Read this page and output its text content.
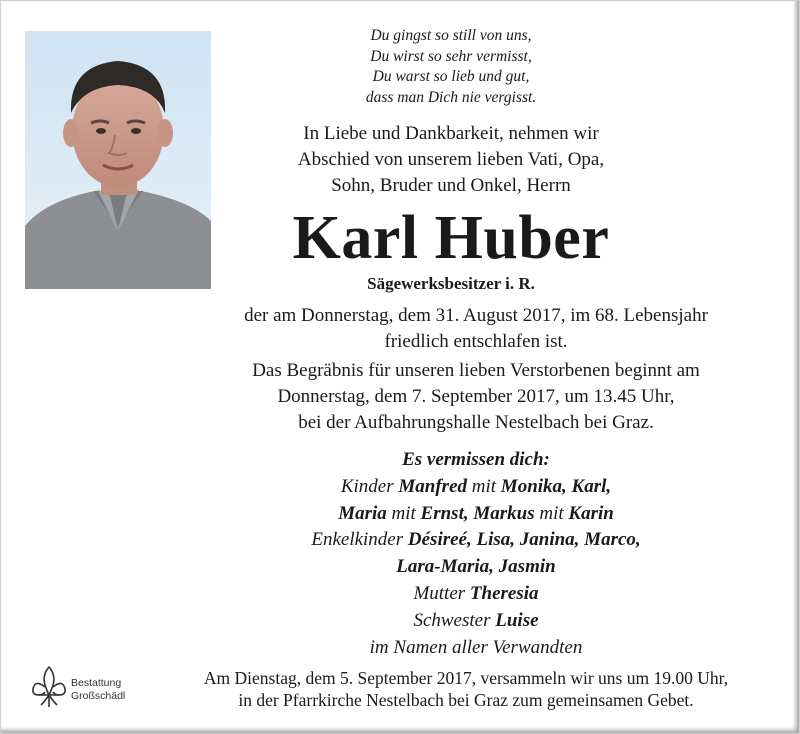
Du gingst so still von uns,
Du wirst so sehr vermisst,
Du warst so lieb und gut,
dass man Dich nie vergisst.
In Liebe und Dankbarkeit, nehmen wir
Abschied von unserem lieben Vati, Opa,
Sohn, Bruder und Onkel, Herrn
Karl Huber
Sägewerksbesitzer i. R.
der am Donnerstag, dem 31. August 2017, im 68. Lebensjahr
friedlich entschlafen ist.
Das Begräbnis für unseren lieben Verstorbenen beginnt am
Donnerstag, dem 7. September 2017, um 13.45 Uhr,
bei der Aufbahrungshalle Nestelbach bei Graz.
Es vermissen dich:
Kinder Manfred mit Monika, Karl,
Maria mit Ernst, Markus mit Karin
Enkelkinder Désireé, Lisa, Janina, Marco,
Lara-Maria, Jasmin
Mutter Theresia
Schwester Luise
im Namen aller Verwandten
Bestattung
Großschädl
Am Dienstag, dem 5. September 2017, versammeln wir uns um 19.00 Uhr,
in der Pfarrkirche Nestelbach bei Graz zum gemeinsamen Gebet.
